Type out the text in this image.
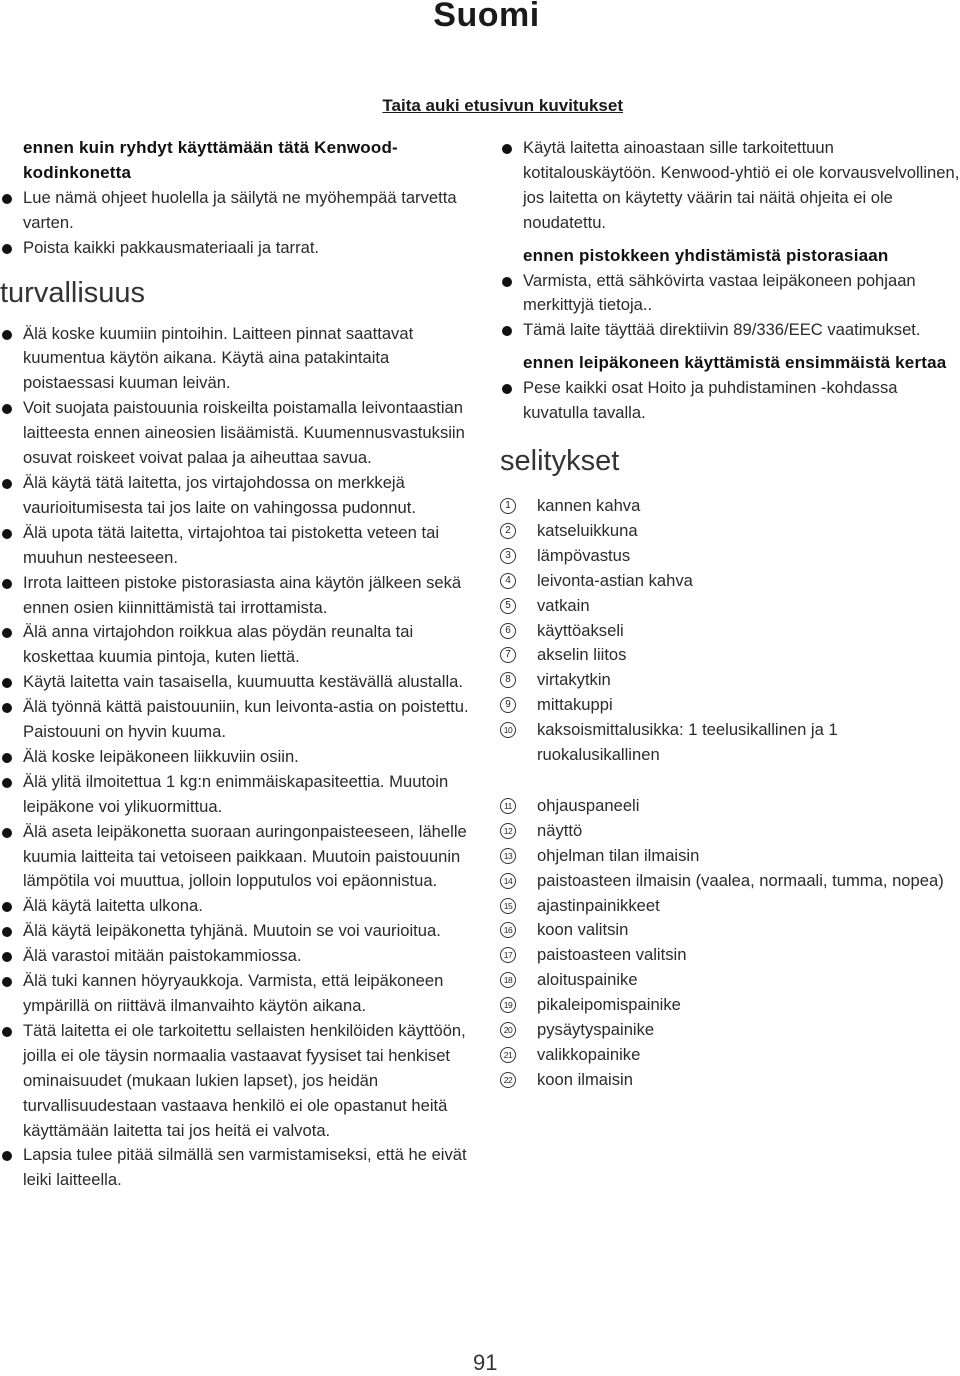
Suomi
Taita auki etusivun kuvitukset
ennen kuin ryhdyt käyttämään tätä Kenwood-kodinkonetta
Lue nämä ohjeet huolella ja säilytä ne myöhempää tarvetta varten.
Poista kaikki pakkausmateriaali ja tarrat.
turvallisuus
Älä koske kuumiin pintoihin. Laitteen pinnat saattavat kuumentua käytön aikana. Käytä aina patakintaita poistaessasi kuuman leivän.
Voit suojata paistouunia roiskeilta poistamalla leivontaastian laitteesta ennen aineosien lisäämistä. Kuumennusvastuksiin osuvat roiskeet voivat palaa ja aiheuttaa savua.
Älä käytä tätä laitetta, jos virtajohdossa on merkkejä vaurioitumisesta tai jos laite on vahingossa pudonnut.
Älä upota tätä laitetta, virtajohtoa tai pistoketta veteen tai muuhun nesteeseen.
Irrota laitteen pistoke pistorasiasta aina käytön jälkeen sekä ennen osien kiinnittämistä tai irrottamista.
Älä anna virtajohdon roikkua alas pöydän reunalta tai koskettaa kuumia pintoja, kuten liettä.
Käytä laitetta vain tasaisella, kuumuutta kestävällä alustalla.
Älä työnnä kättä paistouuniin, kun leivonta-astia on poistettu. Paistouuni on hyvin kuuma.
Älä koske leipäkoneen liikkuviin osiin.
Älä ylitä ilmoitettua 1 kg:n enimmäiskapasiteettia. Muutoin leipäkone voi ylikuormittua.
Älä aseta leipäkonetta suoraan auringonpaisteeseen, lähelle kuumia laitteita tai vetoiseen paikkaan. Muutoin paistouunin lämpötila voi muuttua, jolloin lopputulos voi epäonnistua.
Älä käytä laitetta ulkona.
Älä käytä leipäkonetta tyhjänä. Muutoin se voi vaurioitua.
Älä varastoi mitään paistokammiossa.
Älä tuki kannen höyryaukkoja. Varmista, että leipäkoneen ympärillä on riittävä ilmanvaihto käytön aikana.
Tätä laitetta ei ole tarkoitettu sellaisten henkilöiden käyttöön, joilla ei ole täysin normaalia vastaavat fyysiset tai henkiset ominaisuudet (mukaan lukien lapset), jos heidän turvallisuudestaan vastaava henkilö ei ole opastanut heitä käyttämään laitetta tai jos heitä ei valvota.
Lapsia tulee pitää silmällä sen varmistamiseksi, että he eivät leiki laitteella.
Käytä laitetta ainoastaan sille tarkoitettuun kotitalouskäytöön. Kenwood-yhtiö ei ole korvausvelvollinen, jos laitetta on käytetty väärin tai näitä ohjeita ei ole noudatettu.
ennen pistokkeen yhdistämistä pistorasiaan
Varmista, että sähkövirta vastaa leipäkoneen pohjaan merkittyjä tietoja..
Tämä laite täyttää direktiivin 89/336/EEC vaatimukset.
ennen leipäkoneen käyttämistä ensimmäistä kertaa
Pese kaikki osat Hoito ja puhdistaminen -kohdassa kuvatulla tavalla.
selitykset
1	kannen kahva
2	katseluikkuna
3	lämpövastus
4	leivonta-astian kahva
5	vatkain
6	käyttöakseli
7	akselin liitos
8	virtakytkin
9	mittakuppi
10 kaksoismittalusikka: 1 teelusikallinen ja 1 ruokalusikallinen
11 ohjauspaneeli
12 näyttö
13 ohjelman tilan ilmaisin
14 paistoasteen ilmaisin (vaalea, normaali, tumma, nopea)
15 ajastinpainikkeet
16 koon valitsin
17 paistoasteen valitsin
18 aloituspainike
19 pikaleipomispainike
20 pysäytyspainike
21 valikkopainike
22 koon ilmaisin
91
